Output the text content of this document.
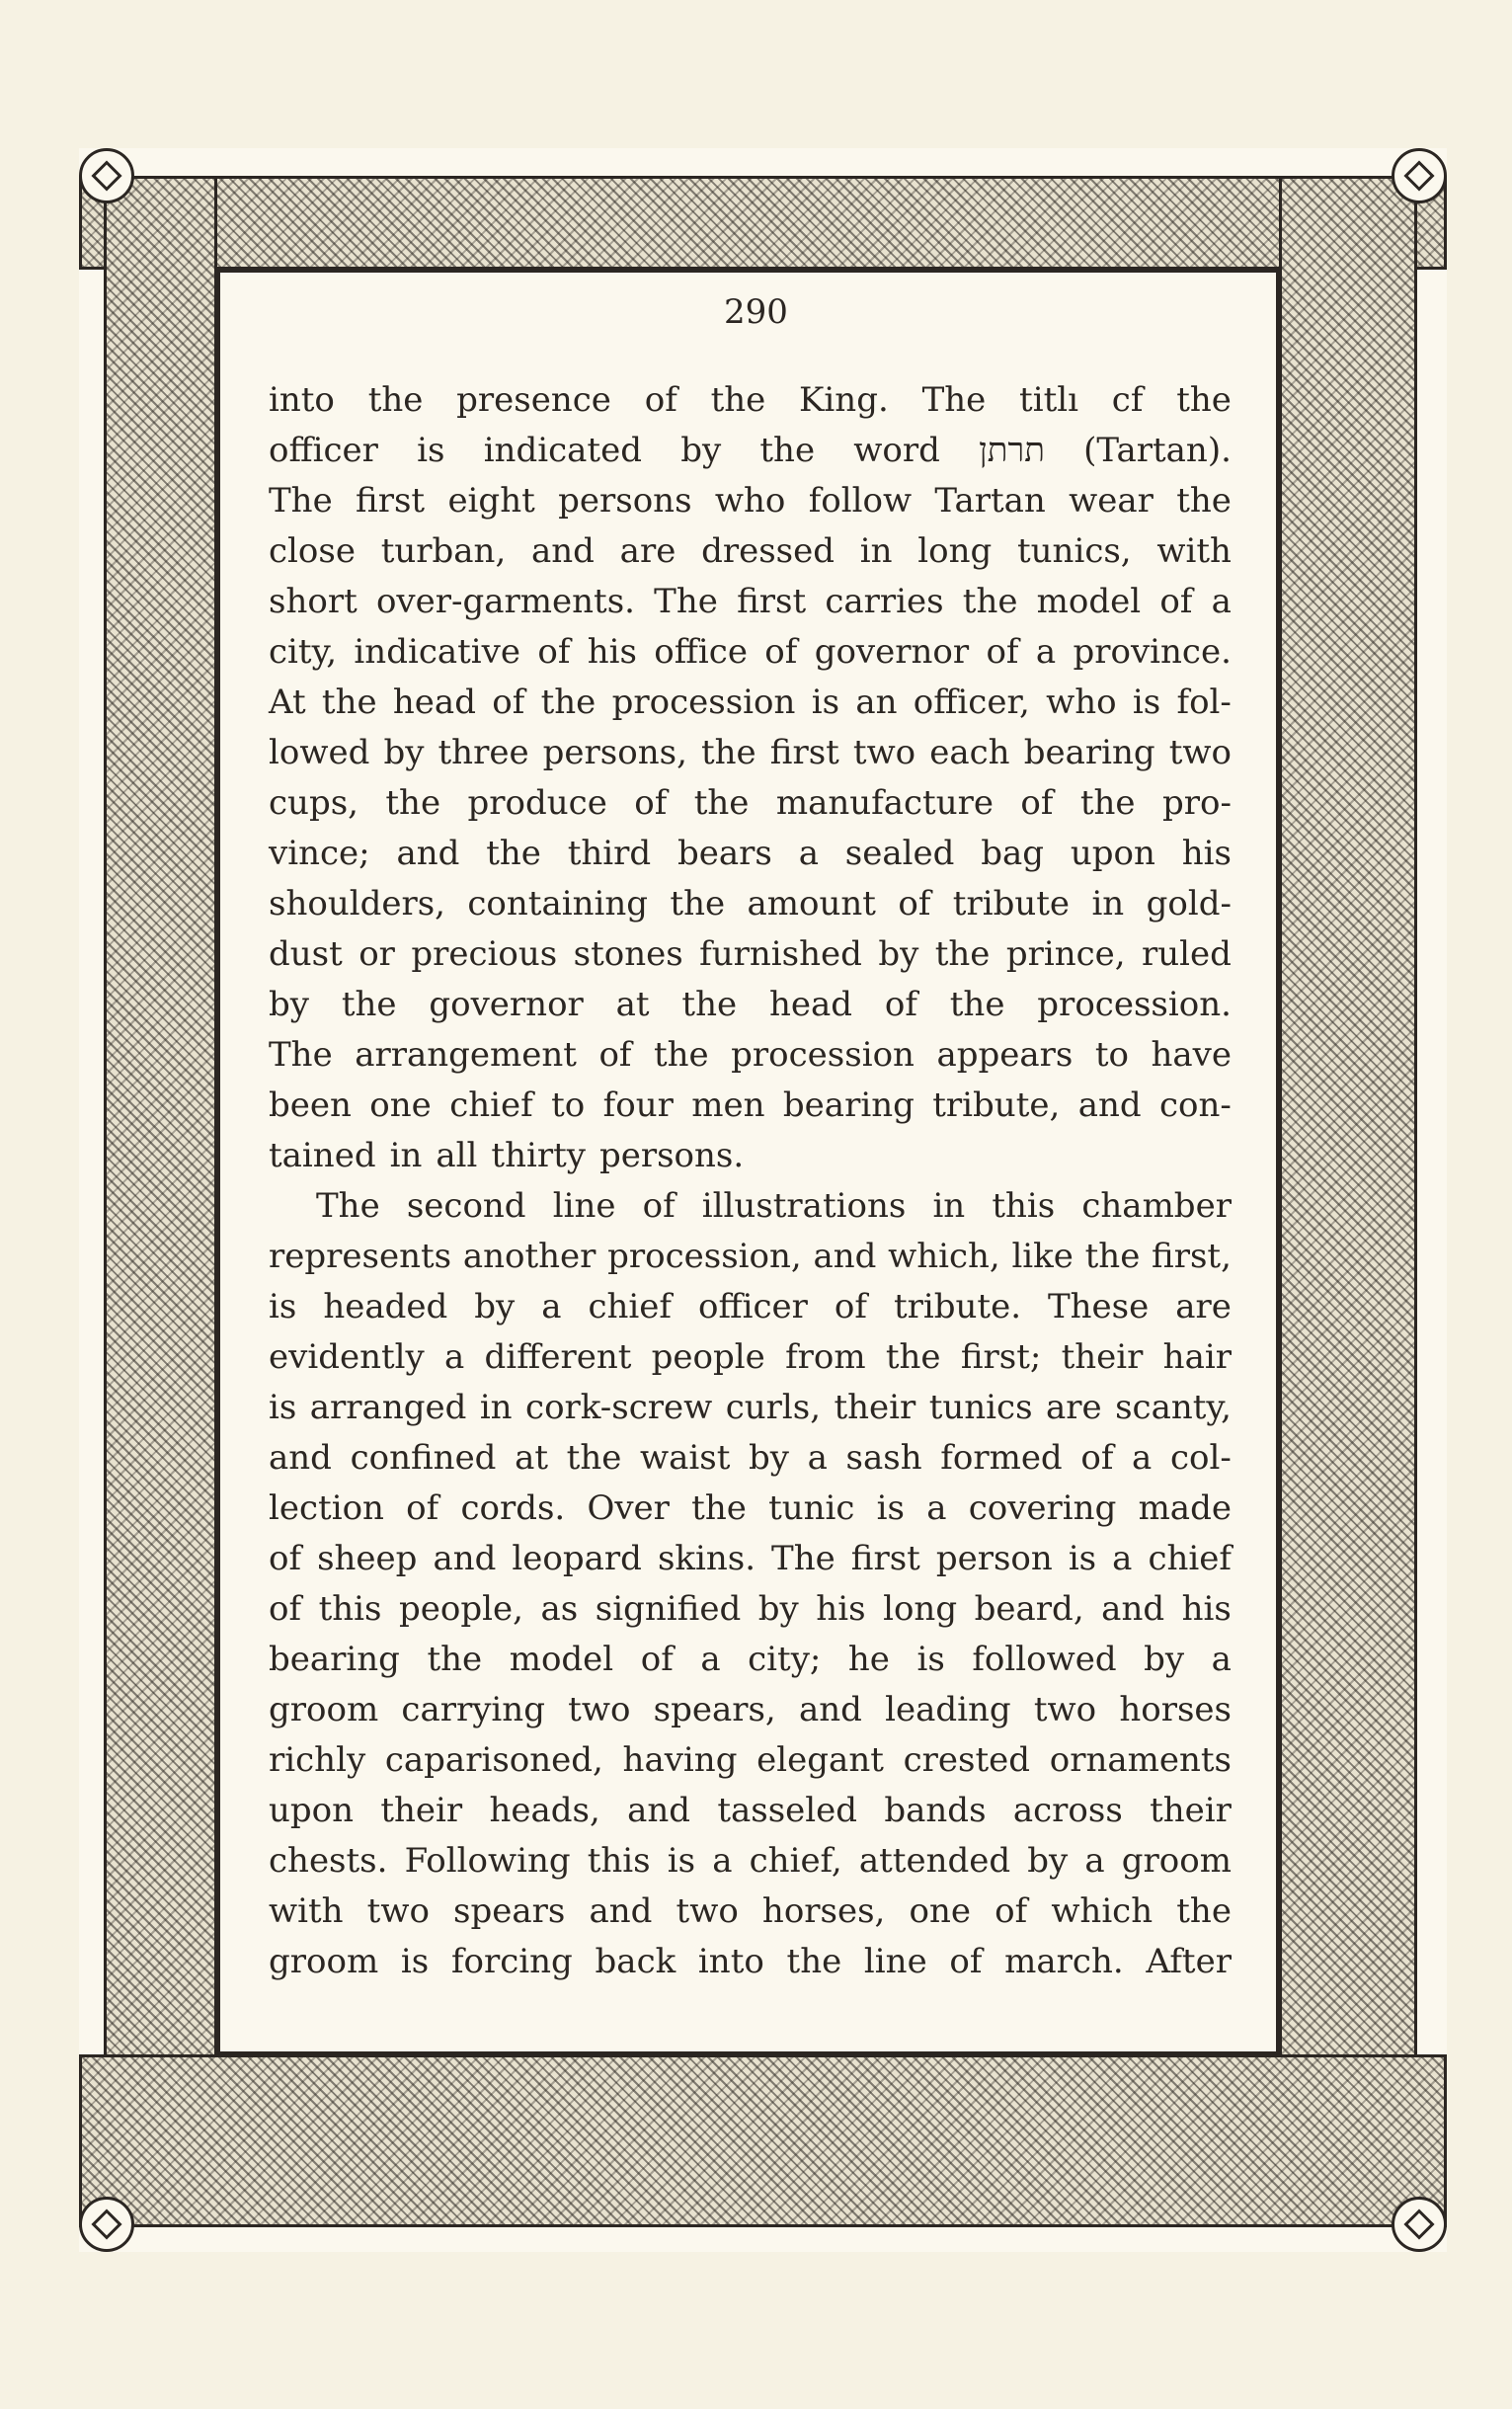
290
into the presence of the King. The titlı cf the
officer is indicated by the word תרתן (Tartan).
The first eight persons who follow Tartan wear the
close turban, and are dressed in long tunics, with
short over-garments. The first carries the model of a
city, indicative of his office of governor of a province.
At the head of the procession is an officer, who is fol-
lowed by three persons, the first two each bearing two
cups, the produce of the manufacture of the pro-
vince; and the third bears a sealed bag upon his
shoulders, containing the amount of tribute in gold-
dust or precious stones furnished by the prince, ruled
by the governor at the head of the procession.
The arrangement of the procession appears to have
been one chief to four men bearing tribute, and con-
tained in all thirty persons.
The second line of illustrations in this chamber
represents another procession, and which, like the first,
is headed by a chief officer of tribute. These are
evidently a different people from the first; their hair
is arranged in cork-screw curls, their tunics are scanty,
and confined at the waist by a sash formed of a col-
lection of cords. Over the tunic is a covering made
of sheep and leopard skins. The first person is a chief
of this people, as signified by his long beard, and his
bearing the model of a city; he is followed by a
groom carrying two spears, and leading two horses
richly caparisoned, having elegant crested ornaments
upon their heads, and tasseled bands across their
chests. Following this is a chief, attended by a groom
with two spears and two horses, one of which the
groom is forcing back into the line of march. After
